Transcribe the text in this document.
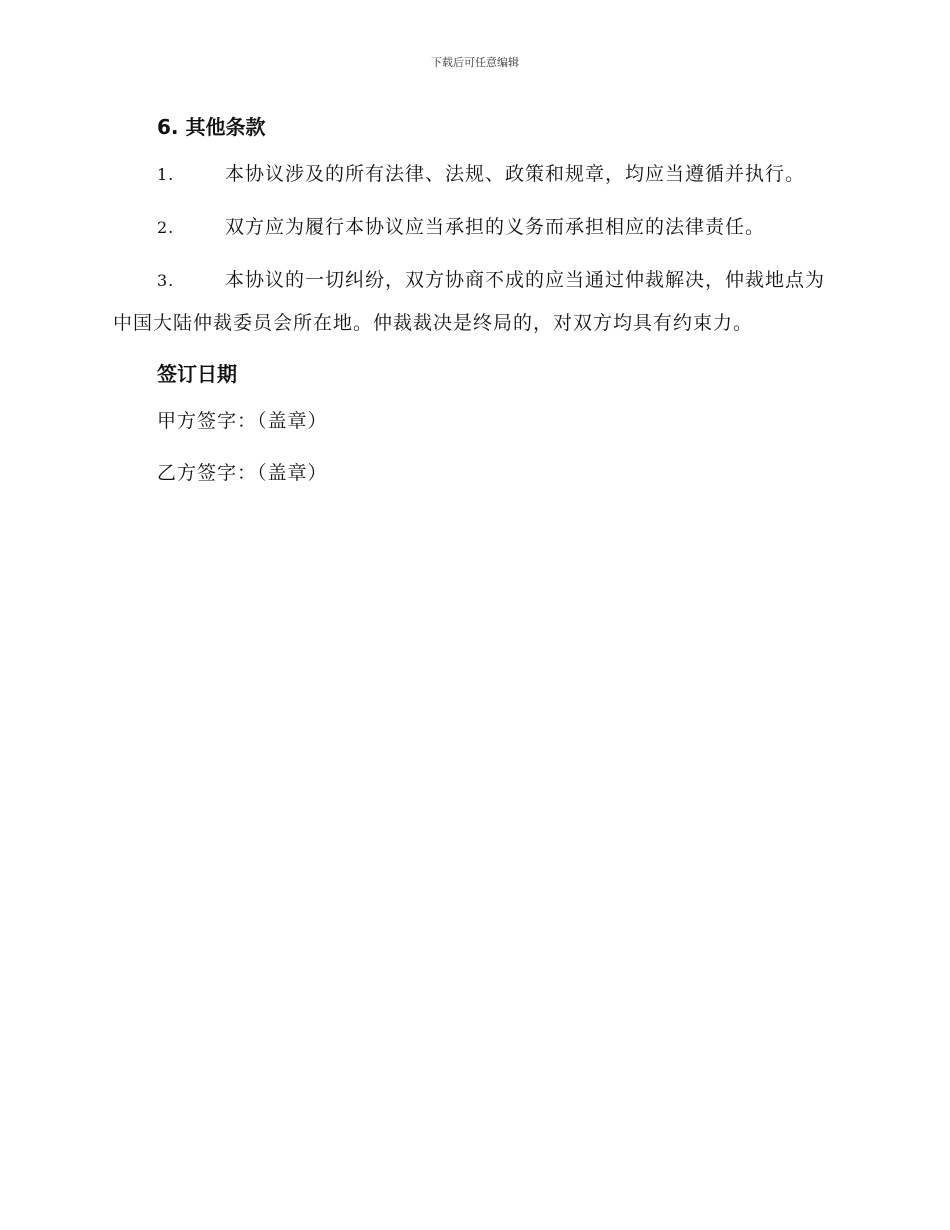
下载后可任意编辑
6. 其他条款

1.	本协议涉及的所有法律、法规、政策和规章，均应当遵循并执行。

2.	双方应为履行本协议应当承担的义务而承担相应的法律责任。

3.	本协议的一切纠纷，双方协商不成的应当通过仲裁解决，仲裁地点为中国大陆仲裁委员会所在地。仲裁裁决是终局的，对双方均具有约束力。

签订日期

甲方签字：（盖章）

乙方签字：（盖章）
